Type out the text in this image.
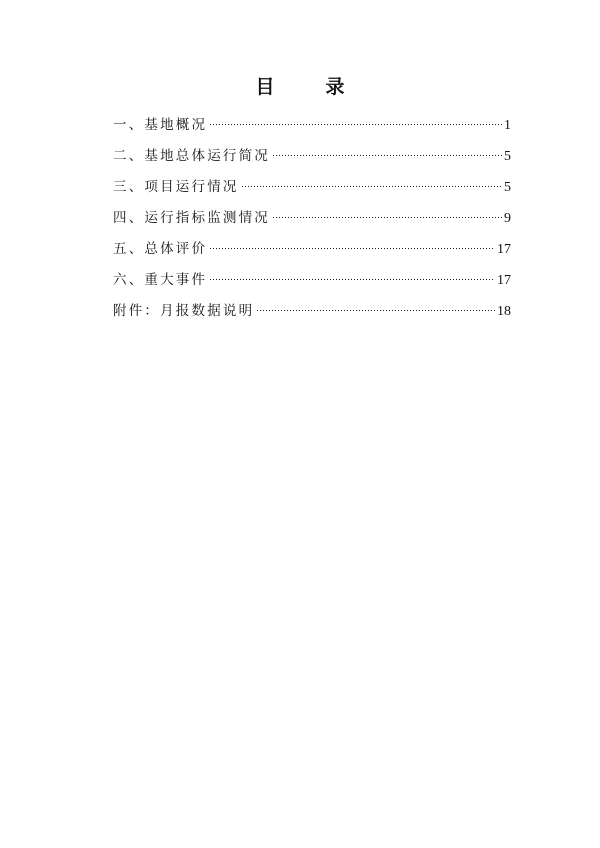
目　录
一、基地概况	1
二、基地总体运行简况	5
三、项目运行情况	5
四、运行指标监测情况	9
五、总体评价	17
六、重大事件	17
附件：月报数据说明	18
